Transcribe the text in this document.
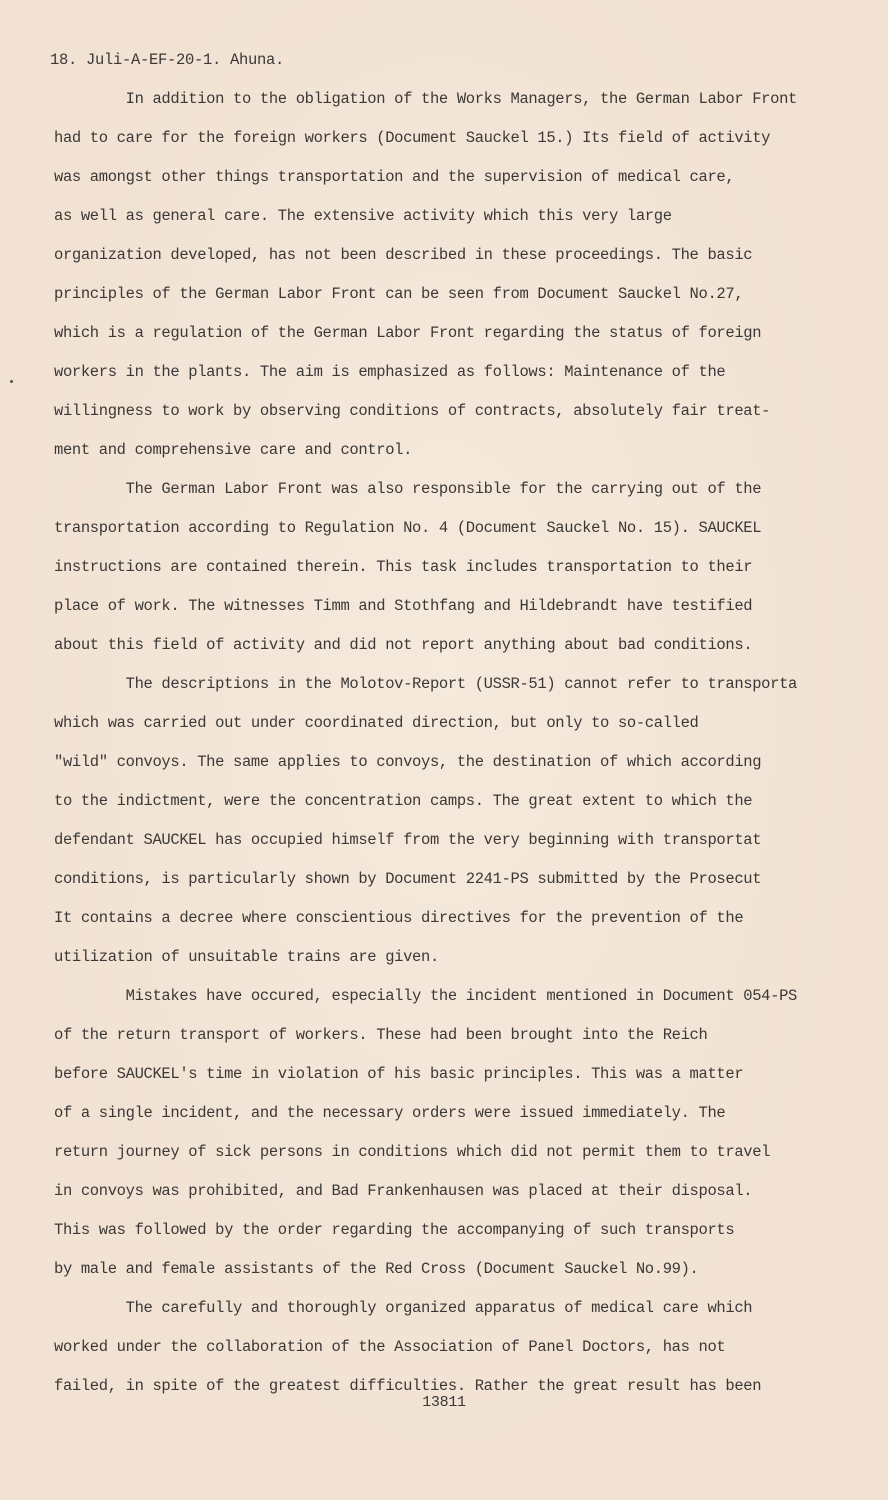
18. Juli-A-EF-20-1. Ahuna.
In addition to the obligation of the Works Managers, the German Labor Front
had to care for the foreign workers (Document Sauckel 15.) Its field of activity
was amongst other things transportation and the supervision of medical care,
as well as general care. The extensive activity which this very large
organization developed, has not been described in these proceedings. The basic
principles of the German Labor Front can be seen from Document Sauckel No.27,
which is a regulation of the German Labor Front regarding the status of foreign
workers in the plants. The aim is emphasized as follows: Maintenance of the
willingness to work by observing conditions of contracts, absolutely fair treat-
ment and comprehensive care and control.
The German Labor Front was also responsible for the carrying out of the
transportation according to Regulation No. 4 (Document Sauckel No. 15). SAUCKEL
instructions are contained therein. This task includes transportation to their
place of work. The witnesses Timm and Stothfang and Hildebrandt have testified
about this field of activity and did not report anything about bad conditions.
The descriptions in the Molotov-Report (USSR-51) cannot refer to transporta
which was carried out under coordinated direction, but only to so-called
"wild" convoys. The same applies to convoys, the destination of which according
to the indictment, were the concentration camps. The great extent to which the
defendant SAUCKEL has occupied himself from the very beginning with transportat
conditions, is particularly shown by Document 2241-PS submitted by the Prosecut
It contains a decree where conscientious directives for the prevention of the
utilization of unsuitable trains are given.
Mistakes have occured, especially the incident mentioned in Document 054-PS
of the return transport of workers. These had been brought into the Reich
before SAUCKEL's time in violation of his basic principles. This was a matter
of a single incident, and the necessary orders were issued immediately. The
return journey of sick persons in conditions which did not permit them to travel
in convoys was prohibited, and Bad Frankenhausen was placed at their disposal.
This was followed by the order regarding the accompanying of such transports
by male and female assistants of the Red Cross (Document Sauckel No.99).
The carefully and thoroughly organized apparatus of medical care which
worked under the collaboration of the Association of Panel Doctors, has not
failed, in spite of the greatest difficulties. Rather the great result has been
13811
